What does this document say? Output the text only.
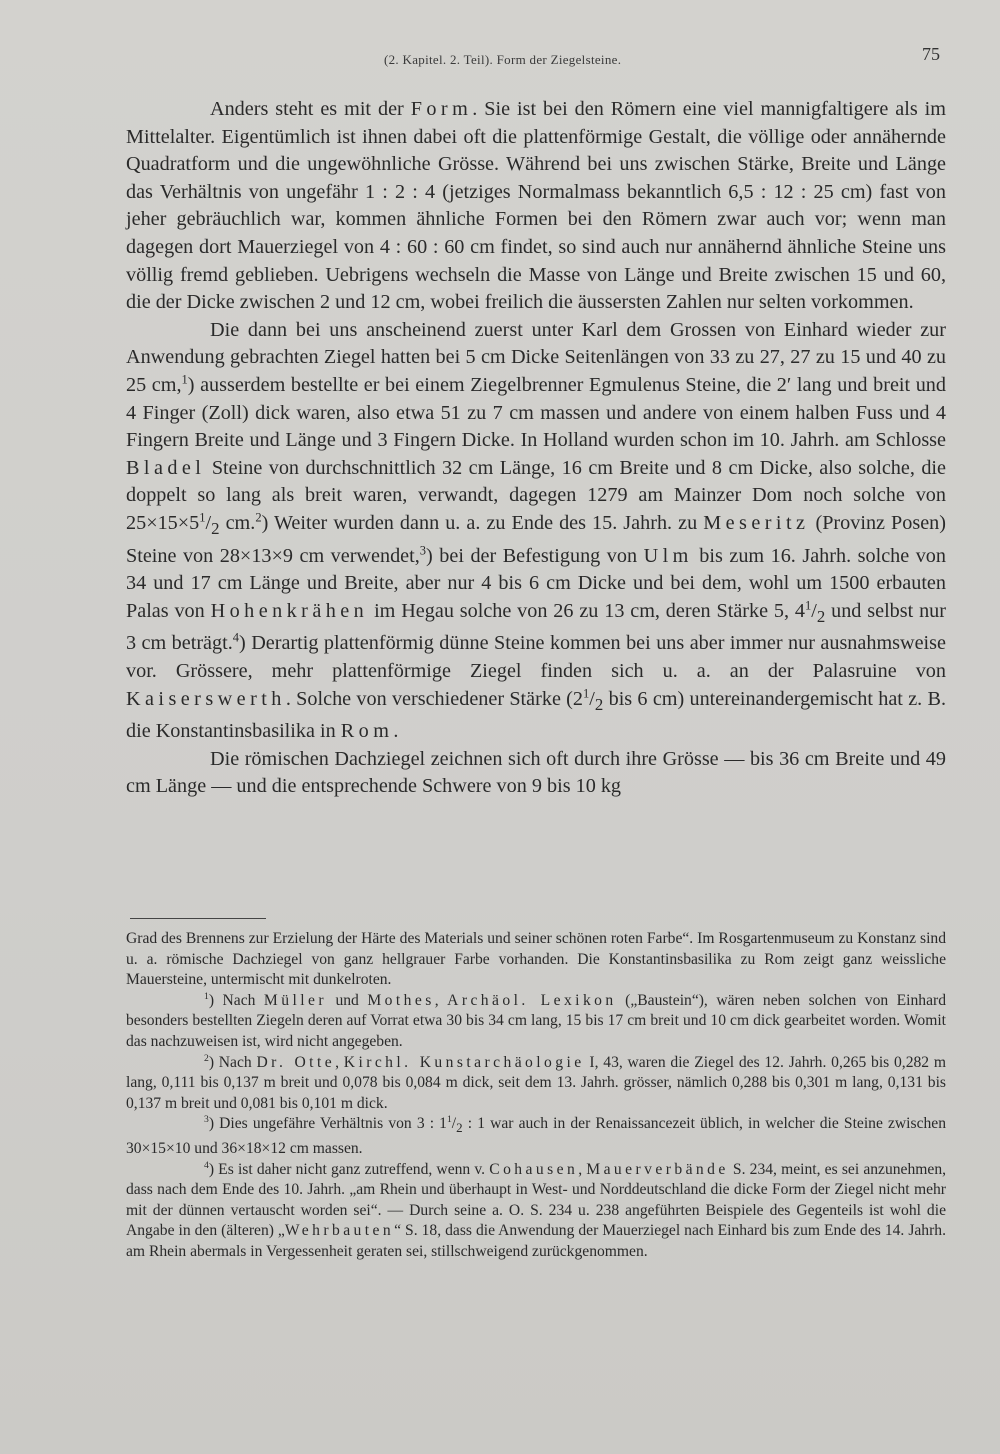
(2. Kapitel. 2. Teil). Form der Ziegelsteine.	75

Anders steht es mit der Form. Sie ist bei den Römern eine viel mannigfaltigere als im Mittelalter. Eigentümlich ist ihnen dabei oft die plattenförmige Gestalt, die völlige oder annähernde Quadratform und die ungewöhnliche Grösse. Während bei uns zwischen Stärke, Breite und Länge das Verhältnis von ungefähr 1 : 2 : 4 (jetziges Normalmass bekanntlich 6,5 : 12 : 25 cm) fast von jeher gebräuchlich war, kommen ähnliche Formen bei den Römern zwar auch vor; wenn man dagegen dort Mauerziegel von 4 : 60 : 60 cm findet, so sind auch nur annähernd ähnliche Steine uns völlig fremd geblieben. Uebrigens wechseln die Masse von Länge und Breite zwischen 15 und 60, die der Dicke zwischen 2 und 12 cm, wobei freilich die äussersten Zahlen nur selten vorkommen.

Die dann bei uns anscheinend zuerst unter Karl dem Grossen von Einhard wieder zur Anwendung gebrachten Ziegel hatten bei 5 cm Dicke Seitenlängen von 33 zu 27, 27 zu 15 und 40 zu 25 cm,$^1$) ausserdem bestellte er bei einem Ziegelbrenner Egmulenus Steine, die 2′ lang und breit und 4 Finger (Zoll) dick waren, also etwa 51 zu 7 cm massen und andere von einem halben Fuss und 4 Fingern Breite und Länge und 3 Fingern Dicke. In Holland wurden schon im 10. Jahrh. am Schlosse Bladel Steine von durchschnittlich 32 cm Länge, 16 cm Breite und 8 cm Dicke, also solche, die doppelt so lang als breit waren, verwandt, dagegen 1279 am Mainzer Dom noch solche von $25\times 15\times 5^1/_2$ cm.$^2$) Weiter wurden dann u. a. zu Ende des 15. Jahrh. zu Meseritz (Provinz Posen) Steine von 28×13×9 cm verwendet,$^3$) bei der Befestigung von Ulm bis zum 16. Jahrh. solche von 34 und 17 cm Länge und Breite, aber nur 4 bis 6 cm Dicke und bei dem, wohl um 1500 erbauten Palas von Hohenkrähen im Hegau solche von 26 zu 13 cm, deren Stärke 5, $4^1/_2$ und selbst nur 3 cm beträgt.$^4$) Derartig plattenförmig dünne Steine kommen bei uns aber immer nur ausnahmsweise vor. Grössere, mehr plattenförmige Ziegel finden sich u. a. an der Palasruine von Kaiserswerth. Solche von verschiedener Stärke ($2^1/_2$ bis 6 cm) untereinandergemischt hat z. B. die Konstantinsbasilika in Rom.

Die römischen Dachziegel zeichnen sich oft durch ihre Grösse — bis 36 cm Breite und 49 cm Länge — und die entsprechende Schwere von 9 bis 10 kg

Grad des Brennens zur Erzielung der Härte des Materials und seiner schönen roten Farbe“. Im Rosgartenmuseum zu Konstanz sind u. a. römische Dachziegel von ganz hellgrauer Farbe vorhanden. Die Konstantinsbasilika zu Rom zeigt ganz weissliche Mauersteine, untermischt mit dunkelroten.

$^1$) Nach Müller und Mothes, Archäol. Lexikon („Baustein“), wären neben solchen von Einhard besonders bestellten Ziegeln deren auf Vorrat etwa 30 bis 34 cm lang, 15 bis 17 cm breit und 10 cm dick gearbeitet worden. Womit das nachzuweisen ist, wird nicht angegeben.

$^2$) Nach Dr. Otte, Kirchl. Kunstarchäologie I, 43, waren die Ziegel des 12. Jahrh. 0,265 bis 0,282 m lang, 0,111 bis 0,137 m breit und 0,078 bis 0,084 m dick, seit dem 13. Jahrh. grösser, nämlich 0,288 bis 0,301 m lang, 0,131 bis 0,137 m breit und 0,081 bis 0,101 m dick.

$^3$) Dies ungefähre Verhältnis von 3 : $1^1/_2$ : 1 war auch in der Renaissancezeit üblich, in welcher die Steine zwischen 30×15×10 und 36×18×12 cm massen.

$^4$) Es ist daher nicht ganz zutreffend, wenn v. Cohausen, Mauerverbände S. 234, meint, es sei anzunehmen, dass nach dem Ende des 10. Jahrh. „am Rhein und überhaupt in West- und Norddeutschland die dicke Form der Ziegel nicht mehr mit der dünnen vertauscht worden sei“. — Durch seine a. O. S. 234 u. 238 angeführten Beispiele des Gegenteils ist wohl die Angabe in den (älteren) „Wehrbauten“ S. 18, dass die Anwendung der Mauerziegel nach Einhard bis zum Ende des 14. Jahrh. am Rhein abermals in Vergessenheit geraten sei, stillschweigend zurückgenommen.
